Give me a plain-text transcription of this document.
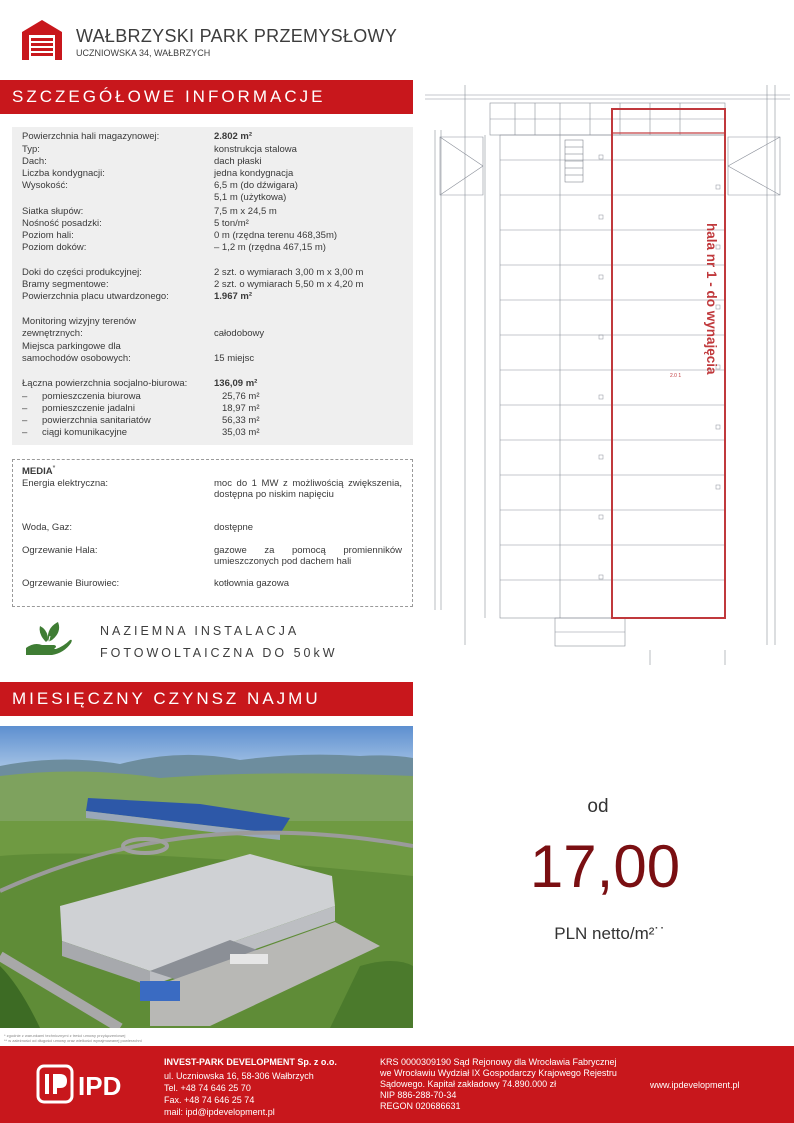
WAŁBRZYSKI PARK PRZEMYSŁOWY
UCZNIOWSKA 34, WAŁBRZYCH
SZCZEGÓŁOWE INFORMACJE
Powierzchnia hali magazynowej:	2.802 m²
Typ:	konstrukcja stalowa
Dach:	dach płaski
Liczba kondygnacji:	jedna kondygnacja
Wysokość:	6,5 m (do dźwigara)
5,1 m (użytkowa)
Siatka słupów:	7,5 m x 24,5 m
Nośność posadzki:	5 ton/m²
Poziom hali:	0 m (rzędna terenu 468,35m)
Poziom doków:	– 1,2 m (rzędna 467,15 m)
Doki do części produkcyjnej:	2 szt. o wymiarach 3,00 m x 3,00 m
Bramy segmentowe:	2 szt. o wymiarach 5,50 m x 4,20 m
Powierzchnia placu utwardzonego:	1.967 m²
Monitoring wizyjny terenów
zewnętrznych:	całodobowy
Miejsca parkingowe dla
samochodów osobowych:	15 miejsc
Łączna powierzchnia socjalno-biurowa:	136,09 m²
– pomieszczenia biurowa	25,76 m²
– pomieszczenie jadalni	18,97 m²
– powierzchnia sanitariatów	56,33 m²
– ciągi komunikacyjne	35,03 m²
MEDIA*
Energia elektryczna:	moc do 1 MW z możliwością zwiększenia, dostępna po niskim napięciu
Woda, Gaz:	dostępne
Ogrzewanie Hala:	gazowe za pomocą promienników umieszczonych pod dachem hali
Ogrzewanie Biurowiec:	kotłownia gazowa
NAZIEMNA INSTALACJA
FOTOWOLTAICZNA DO 50kW
MIESIĘCZNY CZYNSZ NAJMU
* zgodnie z warunkami technicznymi z treści umowy przyłączeniowej
** w zależności od długości umowy oraz wielkości wynajmowanej powierzchni
od
17,00
PLN netto/m²˙˙
2.0 1
hala nr 1 - do wynajęcia
IPD
INVEST-PARK DEVELOPMENT Sp. z o.o.
ul. Uczniowska 16, 58-306 Wałbrzych
Tel. +48 74 646 25 70
Fax. +48 74 646 25 74
mail: ipd@ipdevelopment.pl
KRS 0000309190 Sąd Rejonowy dla Wrocławia Fabrycznej
we Wrocławiu Wydział IX Gospodarczy Krajowego Rejestru
Sądowego. Kapitał zakładowy 74.890.000 zł
NIP 886-288-70-34
REGON 020686631
www.ipdevelopment.pl
